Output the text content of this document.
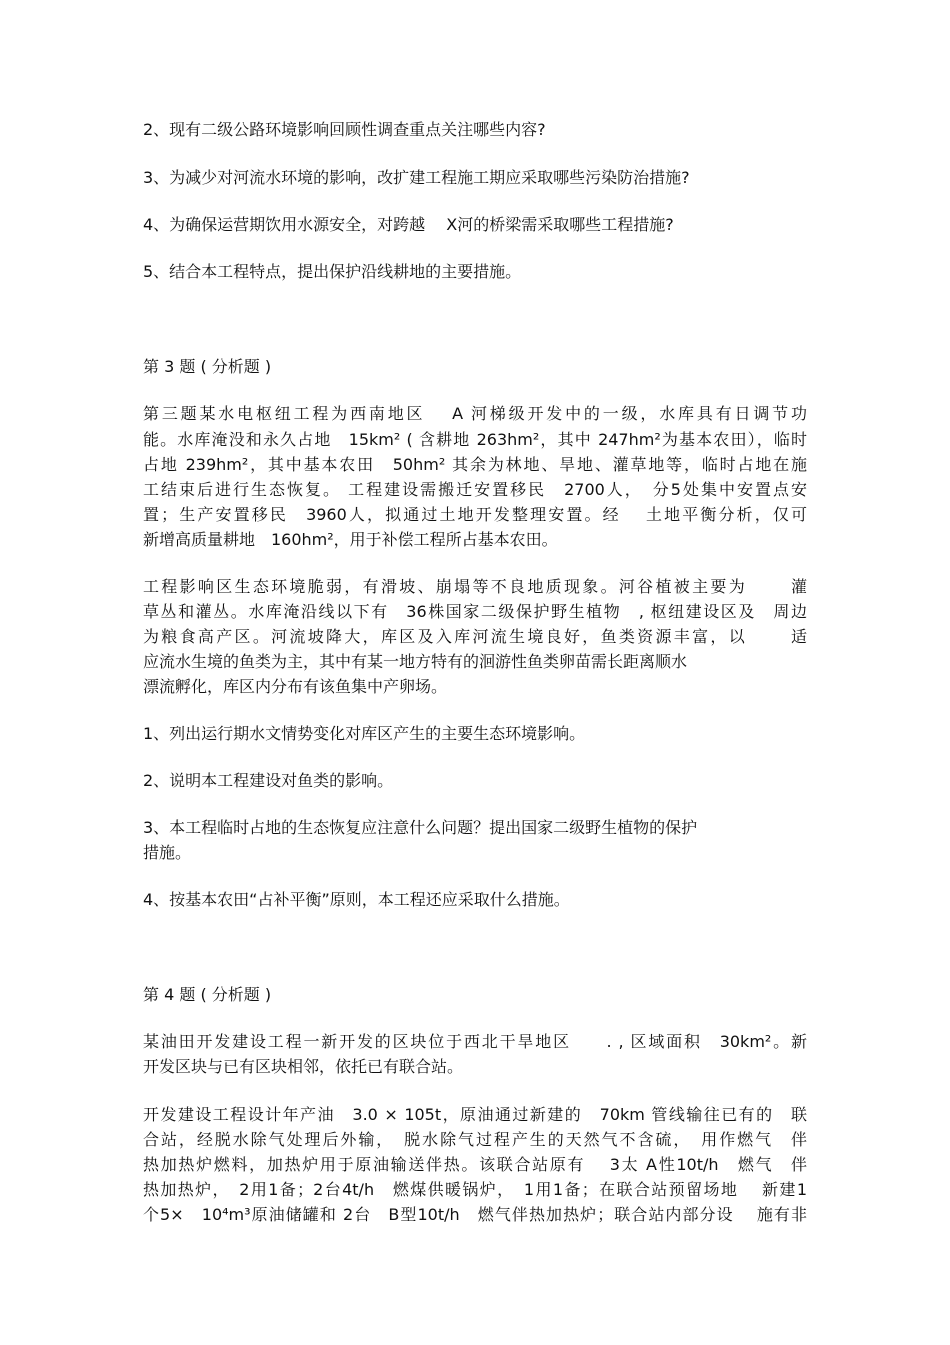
2、现有二级公路环境影响回顾性调查重点关注哪些内容?
3、为减少对河流水环境的影响，改扩建工程施工期应采取哪些污染防治措施?
4、为确保运营期饮用水源安全，对跨越　 X河的桥梁需采取哪些工程措施?
5、结合本工程特点，提出保护沿线耕地的主要措施。
第 3 题 ( 分析题 )
第三题某水电枢纽工程为西南地区　 A 河梯级开发中的一级，水库具有日调节功
能。水库淹没和永久占地　15km² ( 含耕地 263hm²，其中 247hm²为基本农田），临时
占地 239hm²，其中基本农田　50hm² 其余为林地、旱地、灌草地等，临时占地在施
工结束后进行生态恢复。 工程建设需搬迁安置移民　2700人，　分5处集中安置点安
置；生产安置移民　3960人，拟通过土地开发整理安置。经　 土地平衡分析，仅可
新增高质量耕地　160hm²，用于补偿工程所占基本农田。
工程影响区生态环境脆弱，有滑坡、崩塌等不良地质现象。河谷植被主要为　　 灌
草丛和灌丛。水库淹沿线以下有　36株国家二级保护野生植物　, 枢纽建设区及　周边
为粮食高产区。河流坡降大，库区及入库河流生境良好，鱼类资源丰富，以　　 适
应流水生境的鱼类为主，其中有某一地方特有的洄游性鱼类卵苗需长距离顺水
漂流孵化，库区内分布有该鱼集中产卵场。
1、列出运行期水文情势变化对库区产生的主要生态环境影响。
2、说明本工程建设对鱼类的影响。
3、本工程临时占地的生态恢复应注意什么问题？提出国家二级野生植物的保护
措施。
4、按基本农田“占补平衡”原则，本工程还应采取什么措施。
第 4 题 ( 分析题 )
某油田开发建设工程一新开发的区块位于西北干旱地区　　. , 区域面积　30km²。新
开发区块与已有区块相邻，依托已有联合站。
开发建设工程设计年产油　3.0 × 105t，原油通过新建的　70km 管线输往已有的　联
合站，经脱水除气处理后外输，　脱水除气过程产生的天然气不含硫，　用作燃气　伴
热加热炉燃料，加热炉用于原油输送伴热。该联合站原有　 3太 A性10t/h　燃气　伴
热加热炉，　2用1备；2台4t/h　燃煤供暖锅炉，　1用1备；在联合站预留场地　 新建1
个5×　10⁴m³原油储罐和 2台　B型10t/h　燃气伴热加热炉；联合站内部分设　 施有非
